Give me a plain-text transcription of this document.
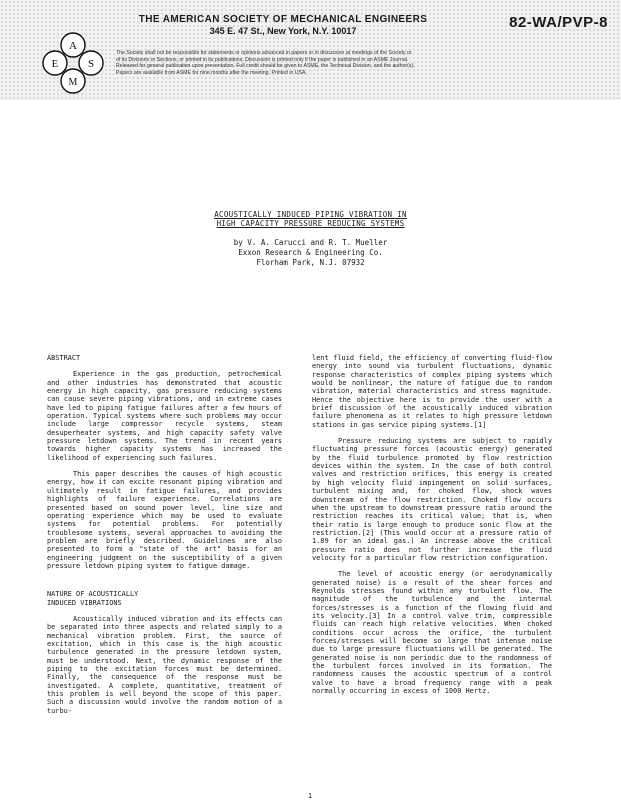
A
E	S
M
THE AMERICAN SOCIETY OF MECHANICAL ENGINEERS
345 E. 47 St., New York, N.Y. 10017	82-WA/PVP-8
The Society shall not be responsible for statements or opinions advanced in papers or in discussion at meetings of the Society or of its Divisions or Sections, or printed in its publications. Discussion is printed only if the paper is published in an ASME Journal. Released for general publication upon presentation. Full credit should be given to ASME, the Technical Division, and the author(s). Papers are available from ASME for nine months after the meeting. Printed in USA.
ACOUSTICALLY INDUCED PIPING VIBRATION IN
HIGH CAPACITY PRESSURE REDUCING SYSTEMS
by V. A. Carucci and R. T. Mueller
Exxon Research & Engineering Co.
Florham Park, N.J. 07932
ABSTRACT

Experience in the gas production, petrochemical and other industries has demonstrated that acoustic energy in high capacity, gas pressure reducing systems can cause severe piping vibrations, and in extreme cases have led to piping fatigue failures after a few hours of operation. Typical systems where such problems may occur include large compressor recycle systems, steam desuperheater systems, and high capacity safety valve pressure letdown systems. The trend in recent years towards higher capacity systems has increased the likelihood of experiencing such failures.

This paper describes the causes of high acoustic energy, how it can excite resonant piping vibration and ultimately result in fatigue failures, and provides highlights of failure experience. Correlations are presented based on sound power level, line size and operating experience which may be used to evaluate systems for potential problems. For potentially troublesome systems, several approaches to avoiding the problem are briefly described. Guidelines are also presented to form a "state of the art" basis for an engineering judgment on the susceptibility of a given pressure letdown piping system to fatigue damage.

NATURE OF ACOUSTICALLY
INDUCED VIBRATIONS

Acoustically induced vibration and its effects can be separated into three aspects and related simply to a mechanical vibration problem. First, the source of excitation, which in this case is the high acoustic turbulence generated in the pressure letdown system, must be understood. Next, the dynamic response of the piping to the excitation forces must be determined. Finally, the consequence of the response must be investigated. A complete, quantitative, treatment of this problem is well beyond the scope of this paper. Such a discussion would involve the random motion of a turbu-

lent fluid field, the efficiency of converting fluid-flow energy into sound via turbulent fluctuations, dynamic response characteristics of complex piping systems which would be nonlinear, the nature of fatigue due to random vibration, material characteristics and stress magnitude. Hence the objective here is to provide the user with a brief discussion of the acoustically induced vibration failure phenomena as it relates to high pressure letdown stations in gas service piping systems.[1]

Pressure reducing systems are subject to rapidly fluctuating pressure forces (acoustic energy) generated by the fluid turbulence promoted by flow restriction devices within the system. In the case of both control valves and restriction orifices, this energy is created by high velocity fluid impingement on solid surfaces, turbulent mixing and, for choked flow, shock waves downstream of the flow restriction. Choked flow occurs when the upstream to downstream pressure ratio around the restriction reaches its critical value; that is, when their ratio is large enough to produce sonic flow at the restriction.[2] (This would occur at a pressure ratio of 1.89 for an ideal gas.) An increase above the critical pressure ratio does not further increase the fluid velocity for a particular flow restriction configuration.

The level of acoustic energy (or aerodynamically generated noise) is a result of the shear forces and Reynolds stresses found within any turbulent flow. The magnitude of the turbulence and the internal forces/stresses is a function of the flowing fluid and its velocity.[3] In a control valve trim, compressible fluids can reach high relative velocities. When choked conditions occur across the orifice, the turbulent forces/stresses will become so large that intense noise due to large pressure fluctuations will be generated. The generated noise is non periodic due to the randomness of the turbulent forces involved in its formation. The randomness causes the acoustic spectrum of a control valve to have a broad frequency range with a peak normally occurring in excess of 1000 Hertz.

1
